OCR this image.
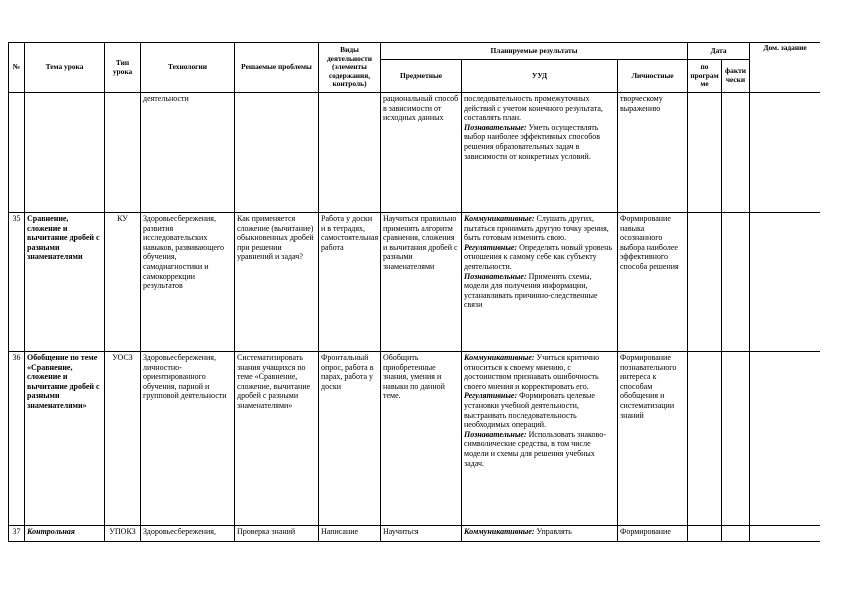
№	Тема урока	Тип урока	Технологии	Решаемые проблемы	Виды деятельности (элементы содержания, контроль)	Планируемые результаты			Дата		Дом. задание
						Предметные	УУД	Личностные	по програм ме	факти чески	
			деятельности			рациональный способ в зависимости от исходных данных	последовательность промежуточных действий с учетом конечного результата, составлять план.
Познавательные: Уметь осуществлять выбор наиболее эффективных способов решения образовательных задач в зависимости от конкретных условий.	творческому выражению			
35	Сравнение, сложение и вычитание дробей с разными знаменателями	КУ	Здоровьесбережения, развития исследовательских навыков, развивающего обучения, самодиагностики и самокоррекции результатов	Как применяется сложение (вычитание) обыкновенных дробей при решении уравнений и задач?	Работа у доски и в тетрадях, самостоятельная работа	Научиться правильно применять алгоритм сравнения, сложения и вычитания дробей с разными знаменателями	Коммуникативные: Слушать других, пытаться принимать другую точку зрения, быть готовым изменить свою.
Регулятивные: Определять новый уровень отношения к самому себе как субъекту деятельности.
Познавательные: Применять схемы, модели для получения информации, устанавливать причинно-следственные связи	Формирование навыка осознанного выбора наиболее эффективного способа решения			
36	Обобщение по теме «Сравнение, сложение и вычитание дробей с разными знаменателями»	УОСЗ	Здоровьесбережения, личностно-ориентированного обучения, парной и групповой деятельности	Систематизировать знания учащихся по теме «Сравнение, сложение, вычитание дробей с разными знаменателями»	Фронтальный опрос, работа в парах, работа у доски	Обобщить приобретенные знания, умения и навыки по данной теме.	Коммуникативные: Учиться критично относиться к своему мнению, с достоинством признавать ошибочность своего мнения и корректировать его.
Регулятивные: Формировать целевые установки учебной деятельности, выстраивать последовательность необходимых операций.
Познавательные: Использовать знаково-символические средства, в том числе модели и схемы для решения учебных задач.	Формирование познавательного интереса к способам обобщения и систематизации знаний			
37	Контрольная	УПОКЗ	Здоровьесбережения,	Проверка знаний	Написание	Научиться	Коммуникативные: Управлять	Формирование			
